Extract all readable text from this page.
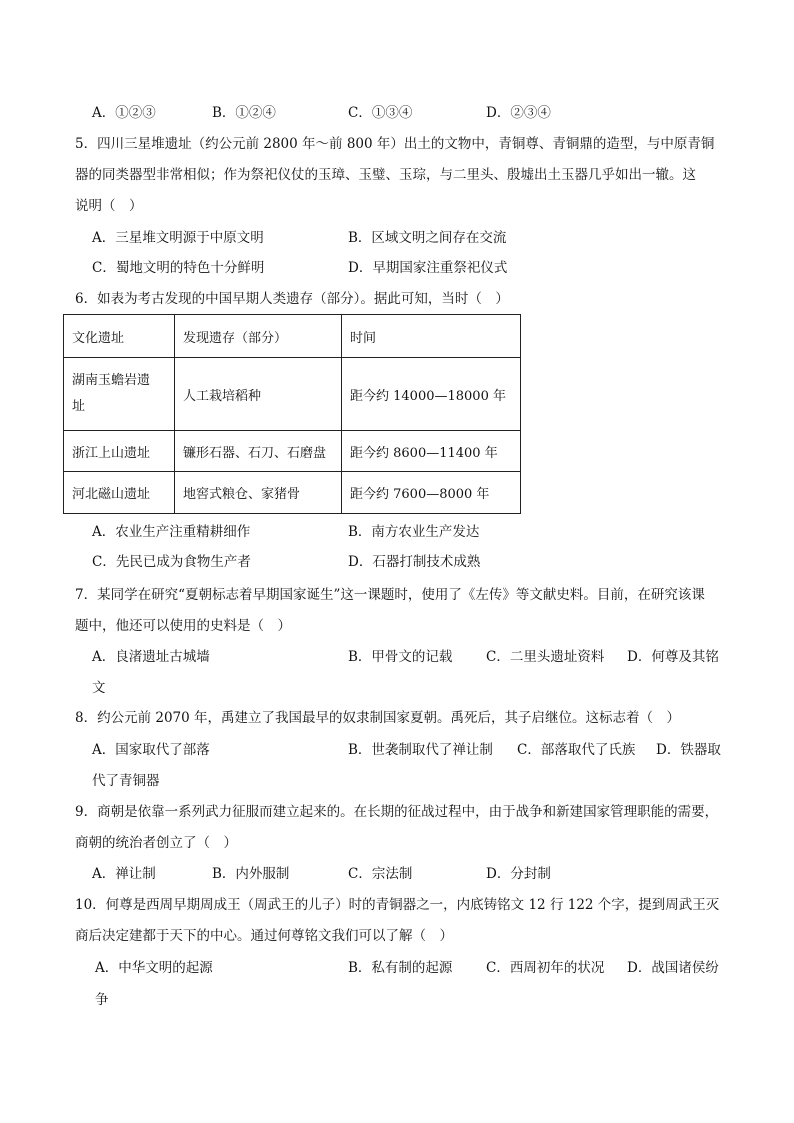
A．①②③	B．①②④	C．①③④	D．②③④
5．四川三星堆遗址（约公元前 2800 年～前 800 年）出土的文物中，青铜尊、青铜鼎的造型，与中原青铜
器的同类器型非常相似；作为祭祀仪仗的玉璋、玉璧、玉琮，与二里头、殷墟出土玉器几乎如出一辙。这
说明（　）
A．三星堆文明源于中原文明	B．区域文明之间存在交流
C．蜀地文明的特色十分鲜明	D．早期国家注重祭祀仪式
6．如表为考古发现的中国早期人类遗存（部分）。据此可知，当时（　）
文化遗址	发现遗存（部分）	时间
湖南玉蟾岩遗
址	人工栽培稻种	距今约 14000—18000 年
浙江上山遗址	镰形石器、石刀、石磨盘	距今约 8600—11400 年
河北磁山遗址	地窖式粮仓、家猪骨	距今约 7600—8000 年
A．农业生产注重精耕细作	B．南方农业生产发达
C．先民已成为食物生产者	D．石器打制技术成熟
7．某同学在研究“夏朝标志着早期国家诞生”这一课题时，使用了《左传》等文献史料。目前，在研究该课
题中，他还可以使用的史料是（　）
A．良渚遗址古城墙	B．甲骨文的记载 C．二里头遗址资料 D．何尊及其铭
文
8．约公元前 2070 年，禹建立了我国最早的奴隶制国家夏朝。禹死后，其子启继位。这标志着（　）
A．国家取代了部落	B．世袭制取代了禅让制 C．部落取代了氏族 D．铁器取
代了青铜器
9．商朝是依靠一系列武力征服而建立起来的。在长期的征战过程中，由于战争和新建国家管理职能的需要，
商朝的统治者创立了（　）
A．禅让制	B．内外服制	C．宗法制	D．分封制
10．何尊是西周早期周成王（周武王的儿子）时的青铜器之一，内底铸铭文 12 行 122 个字，提到周武王灭
商后决定建都于天下的中心。通过何尊铭文我们可以了解（　）
A．中华文明的起源	B．私有制的起源 C．西周初年的状况 D．战国诸侯纷
争
